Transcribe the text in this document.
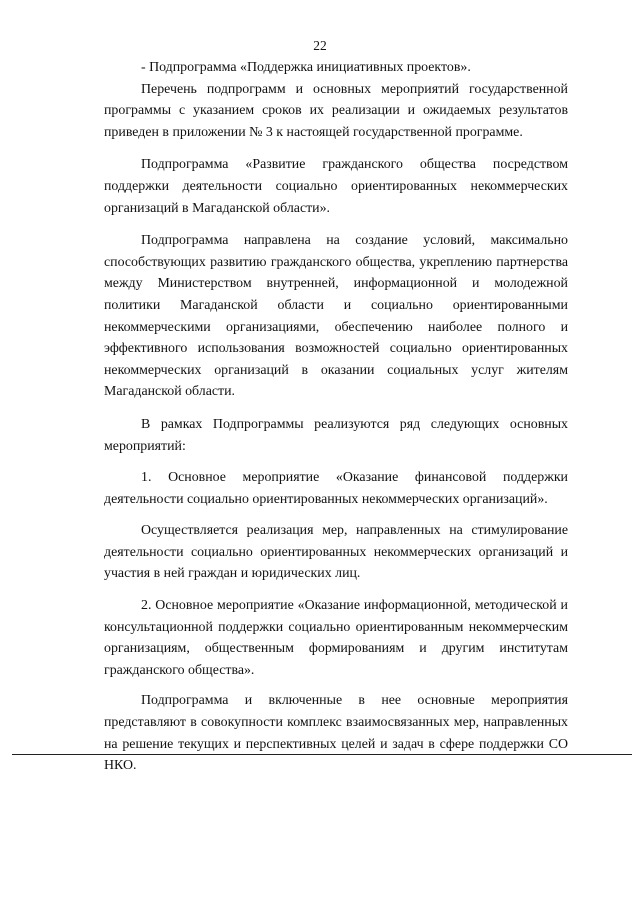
22

- Подпрограмма «Поддержка инициативных проектов».

Перечень подпрограмм и основных мероприятий государственной программы с указанием сроков их реализации и ожидаемых результатов приведен в приложении № 3 к настоящей государственной программе.

Подпрограмма «Развитие гражданского общества посредством поддержки деятельности социально ориентированных некоммерческих организаций в Магаданской области».

Подпрограмма направлена на создание условий, максимально способствующих развитию гражданского общества, укреплению партнерства между Министерством внутренней, информационной и молодежной политики Магаданской области и социально ориентированными некоммерческими организациями, обеспечению наиболее полного и эффективного использования возможностей социально ориентированных некоммерческих организаций в оказании социальных услуг жителям Магаданской области.

В рамках Подпрограммы реализуются ряд следующих основных мероприятий:

1. Основное мероприятие «Оказание финансовой поддержки деятельности социально ориентированных некоммерческих организаций».

Осуществляется реализация мер, направленных на стимулирование деятельности социально ориентированных некоммерческих организаций и участия в ней граждан и юридических лиц.

2. Основное мероприятие «Оказание информационной, методической и консультационной поддержки социально ориентированным некоммерческим организациям, общественным формированиям и другим институтам гражданского общества».

Подпрограмма и включенные в нее основные мероприятия представляют в совокупности комплекс взаимосвязанных мер, направленных на решение текущих и перспективных целей и задач в сфере поддержки СО НКО.
